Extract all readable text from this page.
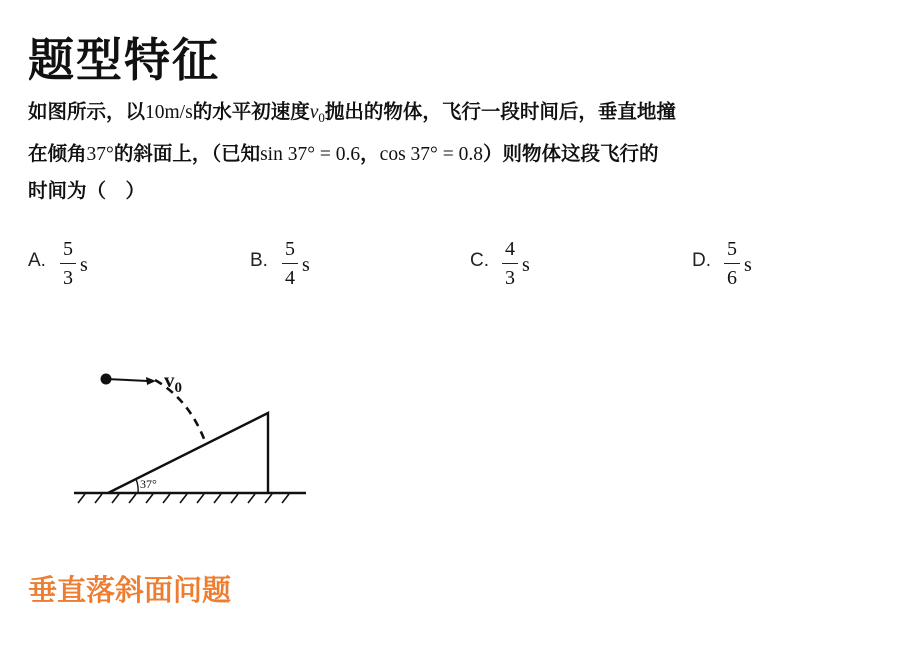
题型特征
如图所示，以10m/s的水平初速度$v_0$抛出的物体，飞行一段时间后，垂直地撞
在倾角37°的斜面上，（已知sin 37° = 0.6，cos 37° = 0.8）则物体这段飞行的
时间为（　）
A.
5
3
s	B.
5
4
s	C.
4
3
s	D.
5
6
s
37°
$v_0$
垂直落斜面问题
